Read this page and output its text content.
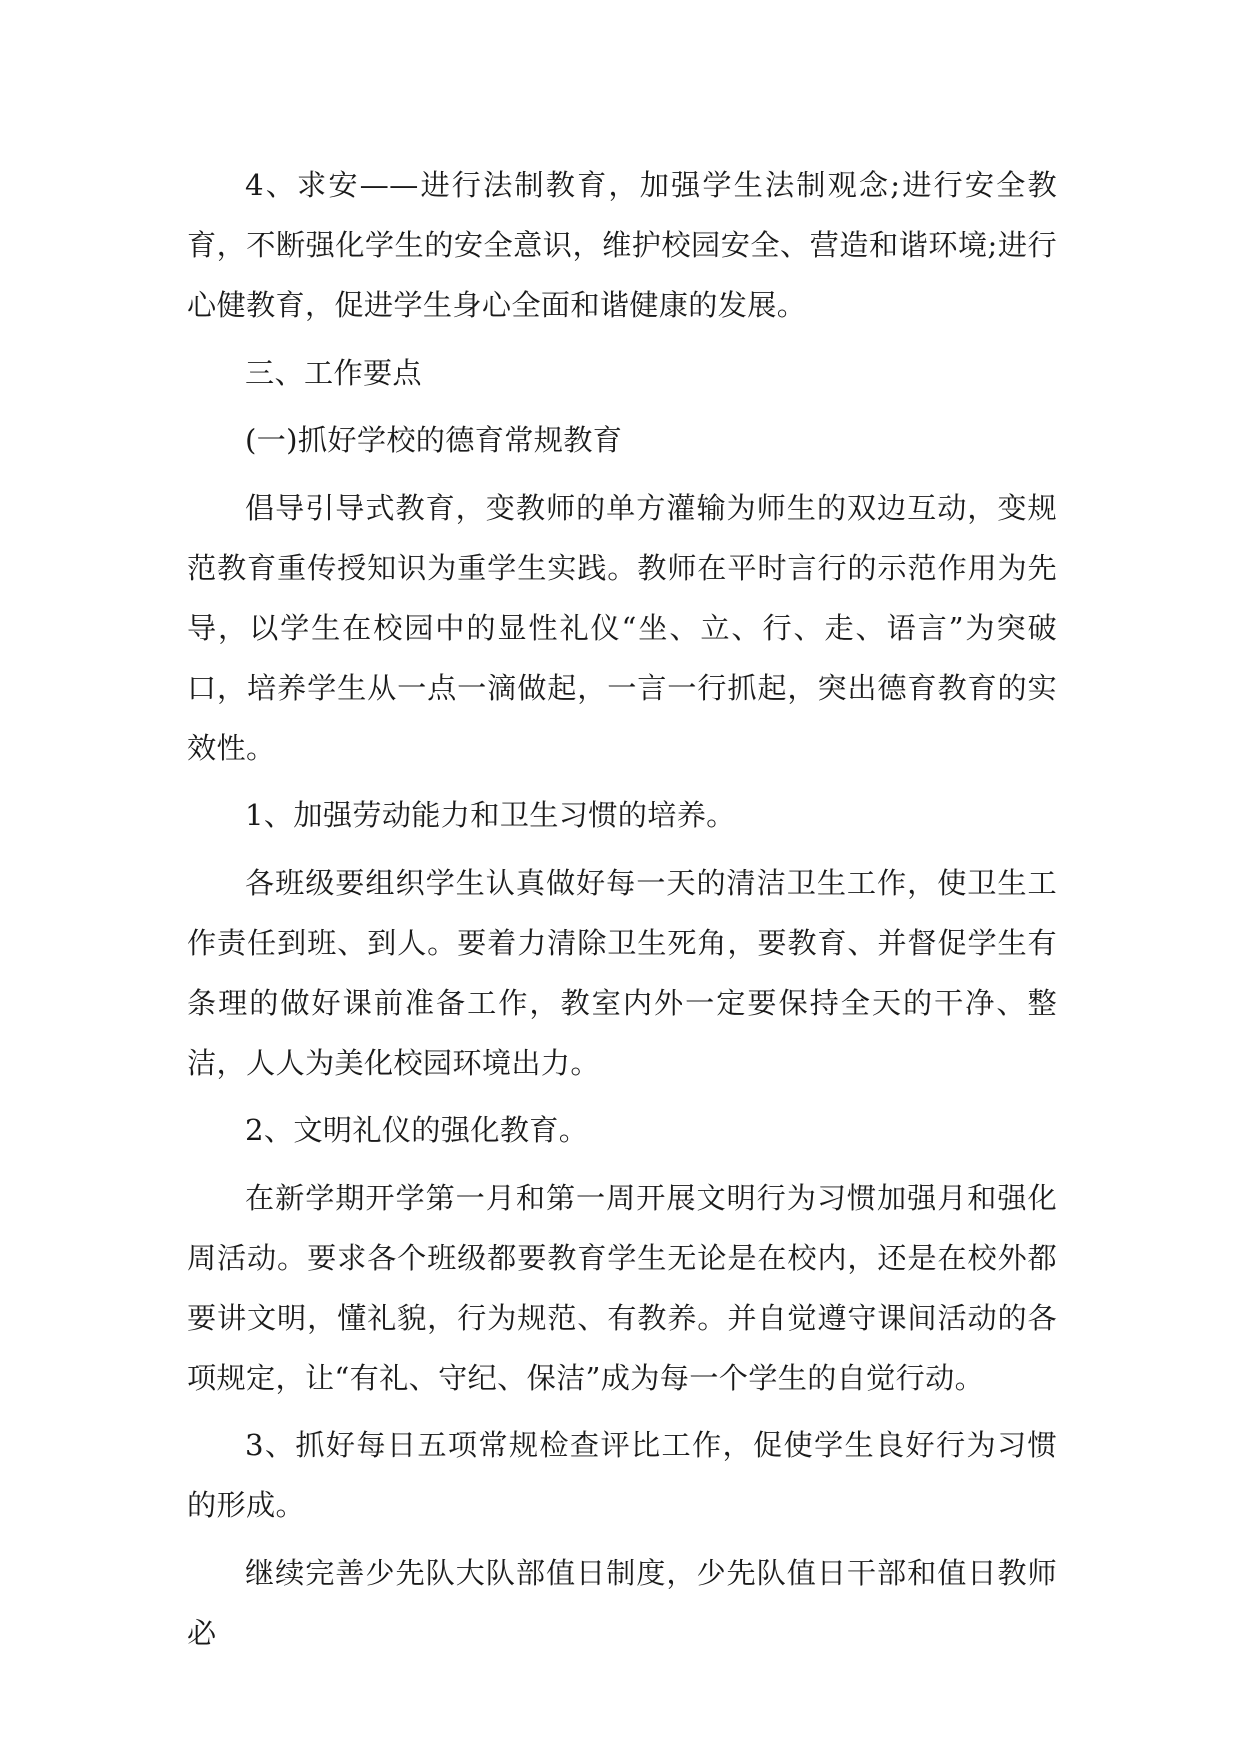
4、求安——进行法制教育，加强学生法制观念;进行安全教育，不断强化学生的安全意识，维护校园安全、营造和谐环境;进行心健教育，促进学生身心全面和谐健康的发展。

三、工作要点

(一)抓好学校的德育常规教育

倡导引导式教育，变教师的单方灌输为师生的双边互动，变规范教育重传授知识为重学生实践。教师在平时言行的示范作用为先导，以学生在校园中的显性礼仪“坐、立、行、走、语言”为突破口，培养学生从一点一滴做起，一言一行抓起，突出德育教育的实效性。

1、加强劳动能力和卫生习惯的培养。

各班级要组织学生认真做好每一天的清洁卫生工作，使卫生工作责任到班、到人。要着力清除卫生死角，要教育、并督促学生有条理的做好课前准备工作，教室内外一定要保持全天的干净、整洁，人人为美化校园环境出力。

2、文明礼仪的强化教育。

在新学期开学第一月和第一周开展文明行为习惯加强月和强化周活动。要求各个班级都要教育学生无论是在校内，还是在校外都要讲文明，懂礼貌，行为规范、有教养。并自觉遵守课间活动的各项规定，让“有礼、守纪、保洁”成为每一个学生的自觉行动。

3、抓好每日五项常规检查评比工作，促使学生良好行为习惯的形成。

继续完善少先队大队部值日制度，少先队值日干部和值日教师必
